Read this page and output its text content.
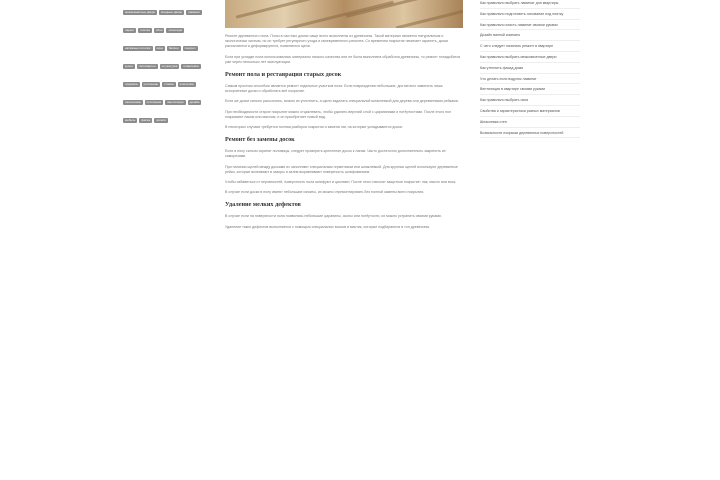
межкомнатные двери входные двери ламинатпаркет плитка обои линолеумнатяжные потолки окна балкон санузелкухня гипсокартон штукатурка шпаклевкапокраска утепление стяжка электрикасантехника отопление вентиляция дизайнмебель фасад кровля

Ремонт деревянного пола. Полы в частных домах чаще всего выполнены из древесины. Такой материал является натуральным и экологически чистым, но он требует регулярного ухода и своевременного ремонта. Со временем покрытие начинает скрипеть, доски рассыхаются и деформируются, появляются щели.

Если при укладке пола использовались материалы низкого качества или не была выполнена обработка древесины, то ремонт понадобится уже через несколько лет эксплуатации.

Ремонт пола и реставрация старых досок

Самым простым способом является ремонт отдельных участков пола. Если повреждения небольшие, достаточно заменить лишь испорченные доски и обработать всё покрытие.

Если же доски сильно рассохлись, можно их уплотнить, а щели заделать специальной шпаклевкой для дерева или деревянными рейками.

При необходимости старое покрытие можно отциклевать, чтобы удалить верхний слой с царапинами и потёртостями. После этого пол покрывают лаком или маслом, и он приобретает новый вид.

В некоторых случаях требуется полная разборка покрытия и замена лаг, на которые укладываются доски.

Ремонт без замены досок

Если в полу сильно скрипят половицы, следует проверить крепление досок к лагам. Часто достаточно дополнительно закрепить их саморезами.

При наличии щелей между досками их заполняют специальным герметиком или шпаклевкой. Для крупных щелей используют деревянные рейки, которые вклеивают в зазоры и затем выравнивают поверхность шлифованием.

Чтобы избавиться от неровностей, поверхность пола шлифуют и циклюют. После этого наносят защитное покрытие: лак, масло или воск.

В случае если доски в полу имеют небольшие изъяны, их можно отремонтировать без полной замены всего покрытия.

Удаление мелких дефектов

В случае если на поверхности пола появились небольшие царапины, сколы или потёртости, их можно устранить своими руками.

Удаление таких дефектов выполняется с помощью специальных восков и мастик, которые подбираются в тон древесины.

Как правильно выбрать ламинат для квартиры
Как правильно подготовить основание под плитку
Как правильно класть ламинат своими руками
Дизайн ванной комнаты
С чего следует начинать ремонт в квартире
Как правильно выбрать межкомнатные двери
Как утеплить фасад дома
Что делать если вздулся ламинат
Вентиляция в квартире своими руками
Как правильно выбрать окна
Свойства и характеристики разных материалов
Шпаклевка стен
Возможности покраски деревянных поверхностей
